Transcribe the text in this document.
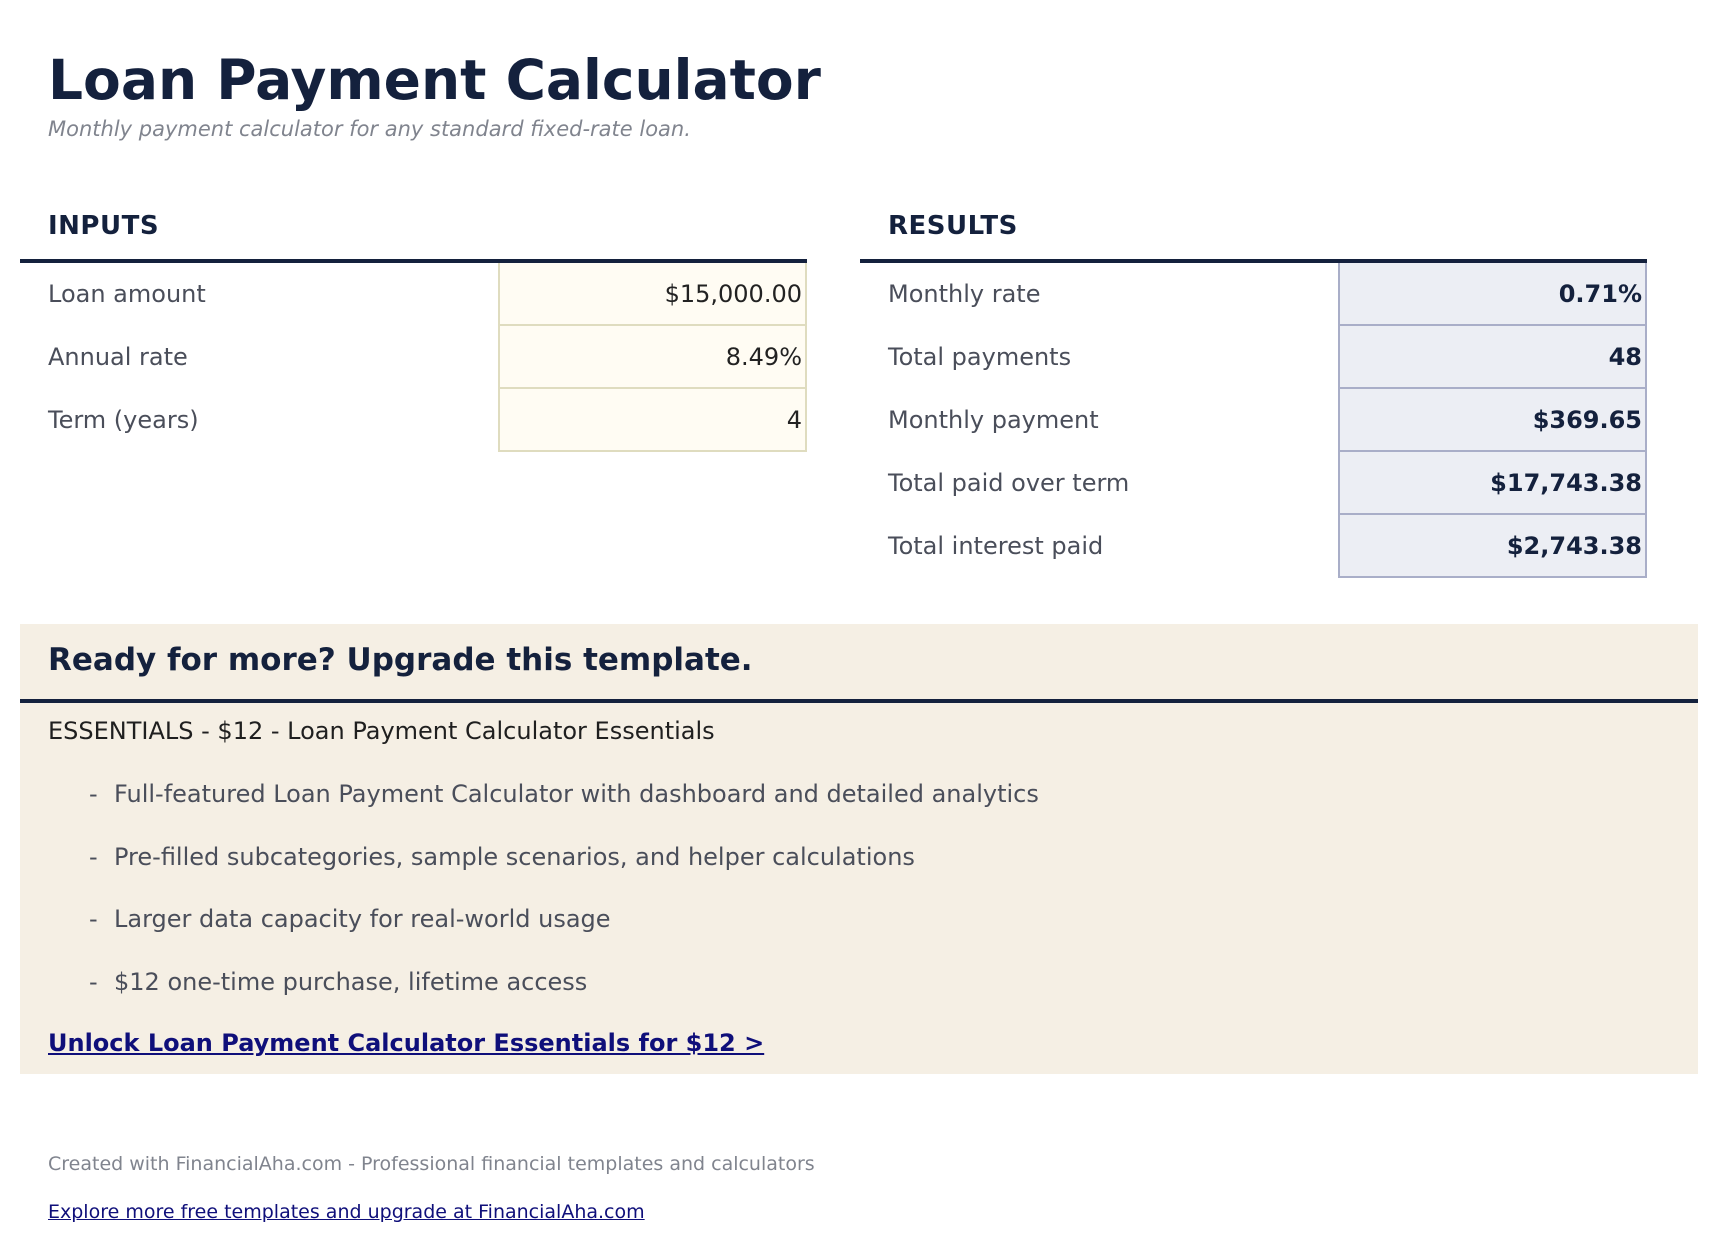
Loan Payment Calculator
Monthly payment calculator for any standard fixed-rate loan.
INPUTS
Loan amount	$15,000.00
Annual rate	8.49%
Term (years)	4
RESULTS
Monthly rate	0.71%
Total payments	48
Monthly payment	$369.65
Total paid over term	$17,743.38
Total interest paid	$2,743.38
Ready for more? Upgrade this template.
ESSENTIALS - $12 - Loan Payment Calculator Essentials
- Full-featured Loan Payment Calculator with dashboard and detailed analytics
- Pre-filled subcategories, sample scenarios, and helper calculations
- Larger data capacity for real-world usage
- $12 one-time purchase, lifetime access
Unlock Loan Payment Calculator Essentials for $12 >
Created with FinancialAha.com - Professional financial templates and calculators
Explore more free templates and upgrade at FinancialAha.com
